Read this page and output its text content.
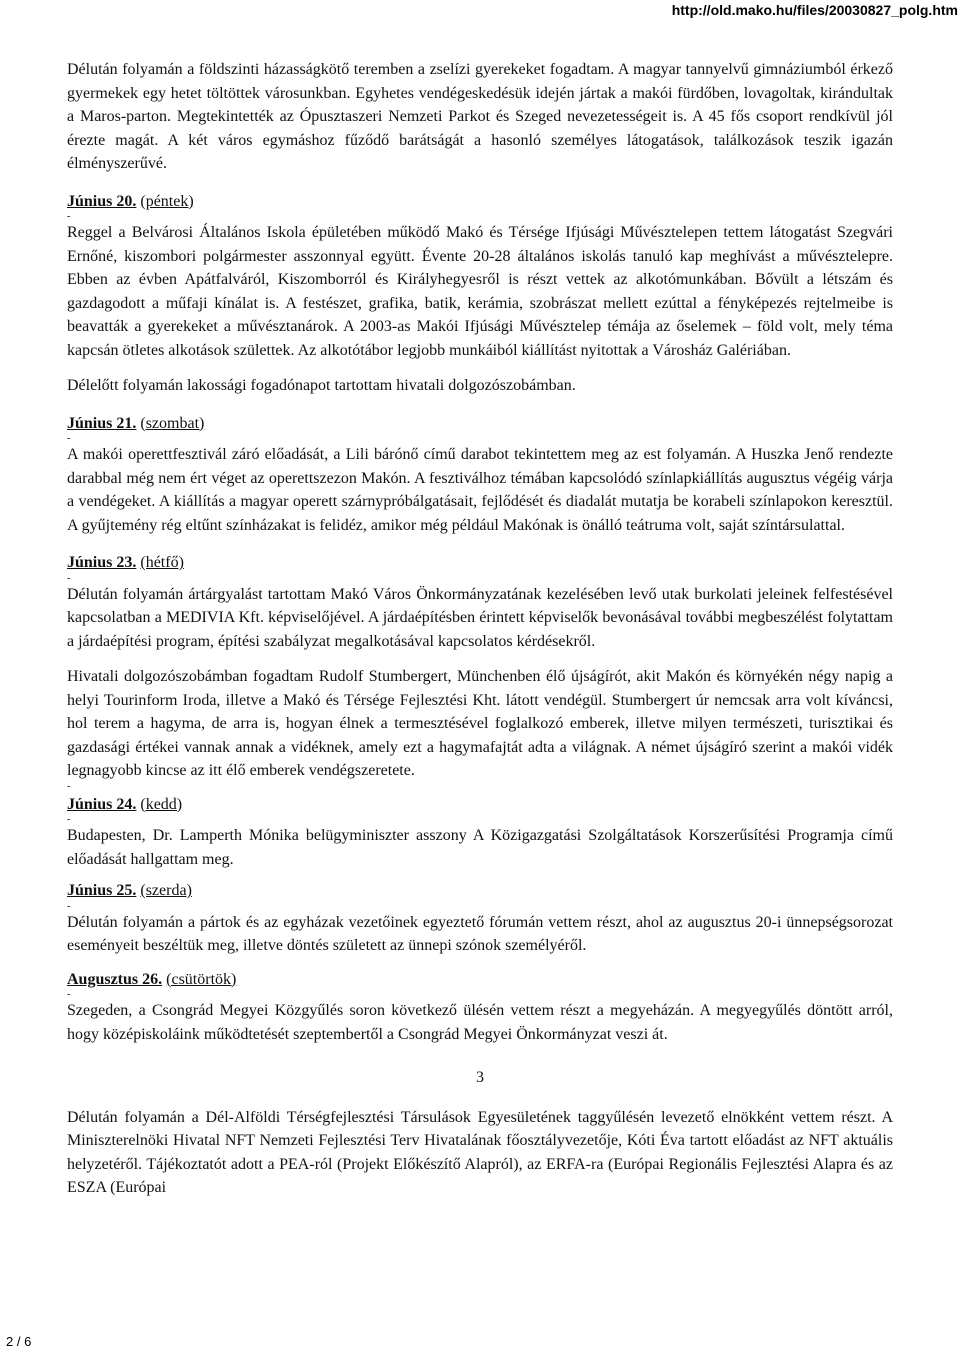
http://old.mako.hu/files/20030827_polg.htm

Délután folyamán a földszinti házasságkötő teremben a zselízi gyerekeket fogadtam. A magyar tannyelvű gimnáziumból érkező gyermekek egy hetet töltöttek városunkban. Egyhetes vendégeskedésük idején jártak a makói fürdőben, lovagoltak, kirándultak a Maros-parton. Megtekintették az Ópusztaszeri Nemzeti Parkot és Szeged nevezetességeit is. A 45 fős csoport rendkívül jól érezte magát. A két város egymáshoz fűződő barátságát a hasonló személyes látogatások, találkozások teszik igazán élményszerűvé.

Június 20. (péntek)
-

Reggel a Belvárosi Általános Iskola épületében működő Makó és Térsége Ifjúsági Művésztelepen tettem látogatást Szegvári Ernőné, kiszombori polgármester asszonnyal együtt. Évente 20-28 általános iskolás tanuló kap meghívást a művésztelepre. Ebben az évben Apátfalváról, Kiszomborról és Királyhegyesről is részt vettek az alkotómunkában. Bővült a létszám és gazdagodott a műfaji kínálat is. A festészet, grafika, batik, kerámia, szobrászat mellett ezúttal a fényképezés rejtelmeibe is beavatták a gyerekeket a művésztanárok. A 2003-as Makói Ifjúsági Művésztelep témája az őselemek – föld volt, mely téma kapcsán ötletes alkotások születtek. Az alkotótábor legjobb munkáiból kiállítást nyitottak a Városház Galériában.

Délelőtt folyamán lakossági fogadónapot tartottam hivatali dolgozószobámban.

Június 21. (szombat)
-

A makói operettfesztivál záró előadását, a Lili bárónő című darabot tekintettem meg az est folyamán. A Huszka Jenő rendezte darabbal még nem ért véget az operettszezon Makón. A fesztiválhoz témában kapcsolódó színlapkiállítás augusztus végéig várja a vendégeket. A kiállítás a magyar operett szárnypróbálgatásait, fejlődését és diadalát mutatja be korabeli színlapokon keresztül. A gyűjtemény rég eltűnt színházakat is felidéz, amikor még például Makónak is önálló teátruma volt, saját színtársulattal.

Június 23. (hétfő)
-

Délután folyamán ártárgyalást tartottam Makó Város Önkormányzatának kezelésében levő utak burkolati jeleinek felfestésével kapcsolatban a MEDIVIA Kft. képviselőjével. A járdaépítésben érintett képviselők bevonásával további megbeszélést folytattam a járdaépítési program, építési szabályzat megalkotásával kapcsolatos kérdésekről.

Hivatali dolgozószobámban fogadtam Rudolf Stumbergert, Münchenben élő újságírót, akit Makón és környékén négy napig a helyi Tourinform Iroda, illetve a Makó és Térsége Fejlesztési Kht. látott vendégül. Stumbergert úr nemcsak arra volt kíváncsi, hol terem a hagyma, de arra is, hogyan élnek a termesztésével foglalkozó emberek, illetve milyen természeti, turisztikai és gazdasági értékei vannak annak a vidéknek, amely ezt a hagymafajtát adta a világnak. A német újságíró szerint a makói vidék legnagyobb kincse az itt élő emberek vendégszeretete.

-
Június 24. (kedd)
-

Budapesten, Dr. Lamperth Mónika belügyminiszter asszony A Közigazgatási Szolgáltatások Korszerűsítési Programja című előadását hallgattam meg.

Június 25. (szerda)
-

Délután folyamán a pártok és az egyházak vezetőinek egyeztető fórumán vettem részt, ahol az augusztus 20-i ünnepségsorozat eseményeit beszéltük meg, illetve döntés született az ünnepi szónok személyéről.

Augusztus 26. (csütörtök)
-

Szegeden, a Csongrád Megyei Közgyűlés soron következő ülésén vettem részt a megyeházán. A megyegyűlés döntött arról, hogy középiskoláink működtetését szeptembertől a Csongrád Megyei Önkormányzat veszi át.

3

Délután folyamán a Dél-Alföldi Térségfejlesztési Társulások Egyesületének taggyűlésén levezető elnökként vettem részt. A Miniszterelnöki Hivatal NFT Nemzeti Fejlesztési Terv Hivatalának főosztályvezetője, Kóti Éva tartott előadást az NFT aktuális helyzetéről. Tájékoztatót adott a PEA-ról (Projekt Előkészítő Alapról), az ERFA-ra (Európai Regionális Fejlesztési Alapra és az ESZA (Európai

2 / 6
